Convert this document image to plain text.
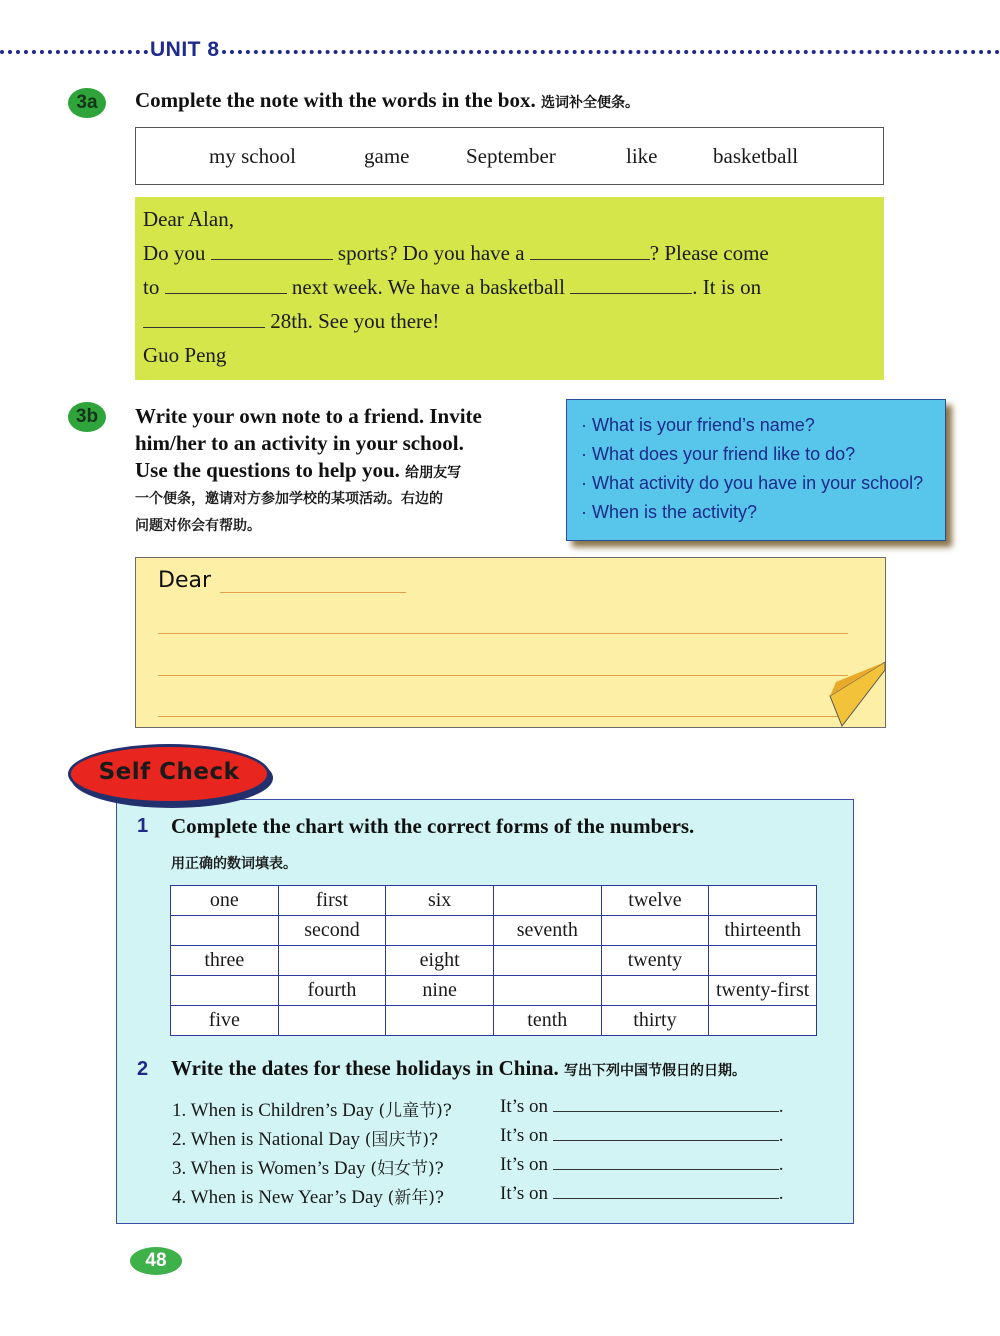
UNIT 8
3a	Complete the note with the words in the box. 选词补全便条。
my school	game	September	like	basketball
Dear Alan,
Do you	sports? Do you have a	? Please come
to	next week. We have a basketball	. It is on
28th. See you there!
Guo Peng
3b	Write your own note to a friend. Invite
him/her to an activity in your school.
Use the questions to help you. 给朋友写
一个便条，邀请对方参加学校的某项活动。右边的
问题对你会有帮助。
· What is your friend’s name?
· What does your friend like to do?
· What activity do you have in your school?
· When is the activity?
Dear
Self Check
1 Complete the chart with the correct forms of the numbers.
用正确的数词填表。
one	first	six		twelve	
	second		seventh		thirteenth
three		eight		twenty	
	fourth	nine			twenty-first
five			tenth	thirty	
2 Write the dates for these holidays in China. 写出下列中国节假日的日期。
1. When is Children’s Day (儿童节)?	It’s on	.
2. When is National Day (国庆节)?	It’s on	.
3. When is Women’s Day (妇女节)?	It’s on	.
4. When is New Year’s Day (新年)?	It’s on	.
48
